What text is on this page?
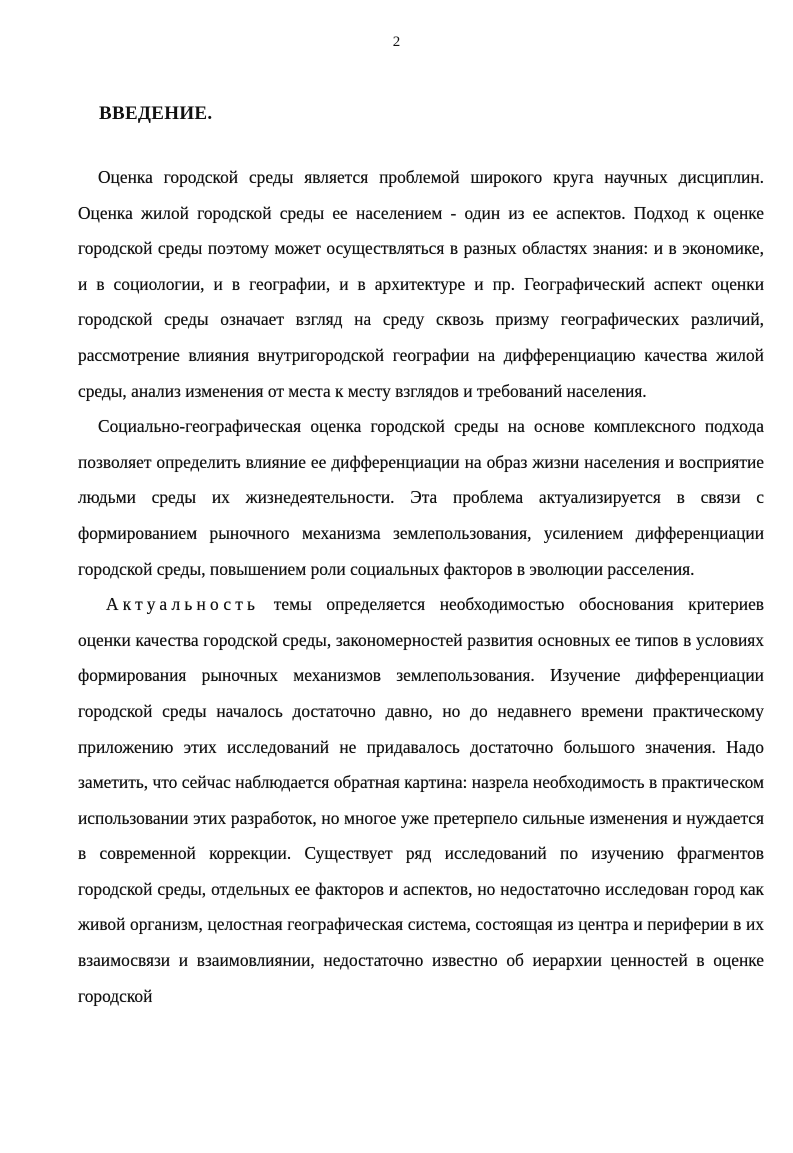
2
ВВЕДЕНИЕ.

Оценка городской среды является проблемой широкого круга научных дисциплин. Оценка жилой городской среды ее населением - один из ее аспектов. Подход к оценке городской среды поэтому может осуществляться в разных областях знания: и в экономике, и в социологии, и в географии, и в архитектуре и пр. Географический аспект оценки городской среды означает взгляд на среду сквозь призму географических различий, рассмотрение влияния внутригородской географии на дифференциацию качества жилой среды, анализ изменения от места к месту взглядов и требований населения.

Социально-географическая оценка городской среды на основе комплексного подхода позволяет определить влияние ее дифференциации на образ жизни населения и восприятие людьми среды их жизнедеятельности. Эта проблема актуализируется в связи с формированием рыночного механизма землепользования, усилением дифференциации городской среды, повышением роли социальных факторов в эволюции расселения.

Актуальность темы определяется необходимостью обоснования критериев оценки качества городской среды, закономерностей развития основных ее типов в условиях формирования рыночных механизмов землепользования. Изучение дифференциации городской среды началось достаточно давно, но до недавнего времени практическому приложению этих исследований не придавалось достаточно большого значения. Надо заметить, что сейчас наблюдается обратная картина: назрела необходимость в практическом использовании этих разработок, но многое уже претерпело сильные изменения и нуждается в современной коррекции. Существует ряд исследований по изучению фрагментов городской среды, отдельных ее факторов и аспектов, но недостаточно исследован город как живой организм, целостная географическая система, состоящая из центра и периферии в их взаимосвязи и взаимовлиянии, недостаточно известно об иерархии ценностей в оценке городской
